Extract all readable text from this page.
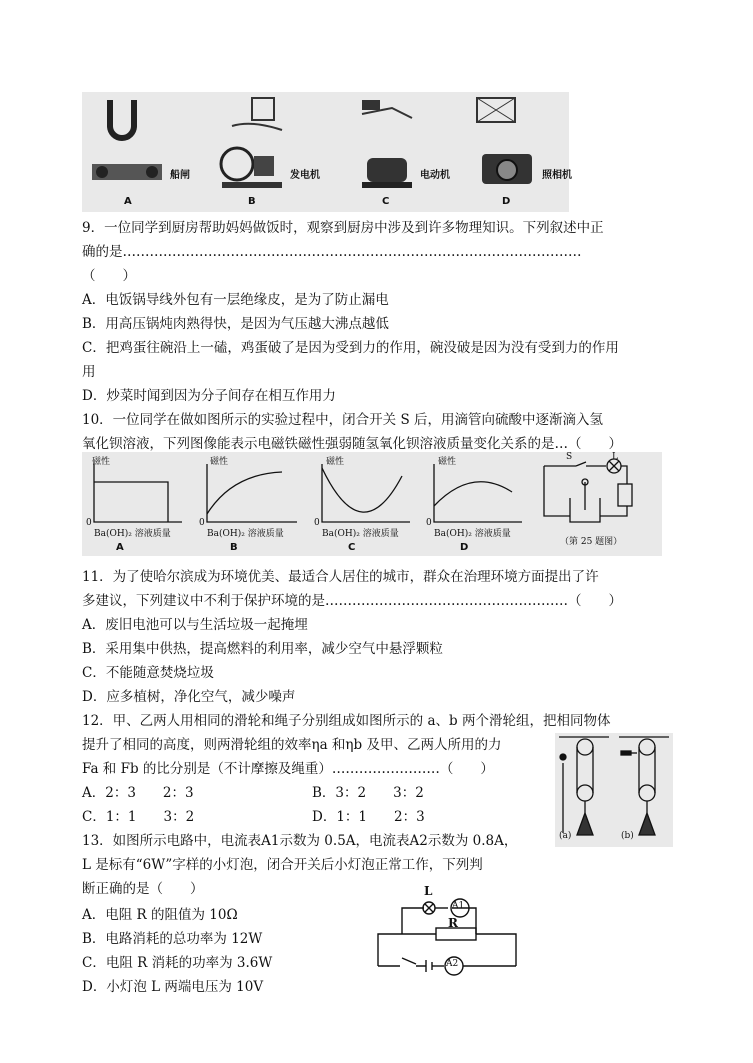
船闸	发电机	电动机	照相机
A	B	C	D
9．一位同学到厨房帮助妈妈做饭时，观察到厨房中涉及到许多物理知识。下列叙述中正
确的是…………………………………………………………………………………………
（　　）
A．电饭锅导线外包有一层绝缘皮，是为了防止漏电
B．用高压锅炖肉熟得快，是因为气压越大沸点越低
C．把鸡蛋往碗沿上一磕，鸡蛋破了是因为受到力的作用，碗没破是因为没有受到力的作用
用
D．炒菜时闻到因为分子间存在相互作用力
10．一位同学在做如图所示的实验过程中，闭合开关 S 后，用滴管向硫酸中逐渐滴入氢
氧化钡溶液，下列图像能表示电磁铁磁性强弱随氢氧化钡溶液质量变化关系的是…（　　）
磁性	磁性	磁性	磁性
0	0	0	0
Ba(OH)₂ 溶液质量	Ba(OH)₂ 溶液质量	Ba(OH)₂ 溶液质量	Ba(OH)₂ 溶液质量
A	B	C	D
S	L
（第 25 题图）
11．为了使哈尔滨成为环境优美、最适合人居住的城市，群众在治理环境方面提出了许
多建议，下列建议中不利于保护环境的是………………………………………………（　　）
A．废旧电池可以与生活垃圾一起掩埋
B．采用集中供热，提高燃料的利用率，减少空气中悬浮颗粒
C．不能随意焚烧垃圾
D．应多植树，净化空气，减少噪声
12．甲、乙两人用相同的滑轮和绳子分别组成如图所示的 a、b 两个滑轮组，把相同物体
提升了相同的高度，则两滑轮组的效率ηa 和ηb 及甲、乙两人所用的力
Fa 和 Fb 的比分别是（不计摩擦及绳重）……………………（　　）
A．2：3　　2：3	B．3：2　　3：2
C．1：1　　3：2	D．1：1　　2：3
(a)	(b)
13．如图所示电路中，电流表A1示数为 0.5A，电流表A2示数为 0.8A，
L 是标有“6W”字样的小灯泡，闭合开关后小灯泡正常工作，下列判
断正确的是（　　）
A．电阻 R 的阻值为 10Ω
B．电路消耗的总功率为 12W
C．电阻 R 消耗的功率为 3.6W
D．小灯泡 L 两端电压为 10V
L
R
A1
A2
